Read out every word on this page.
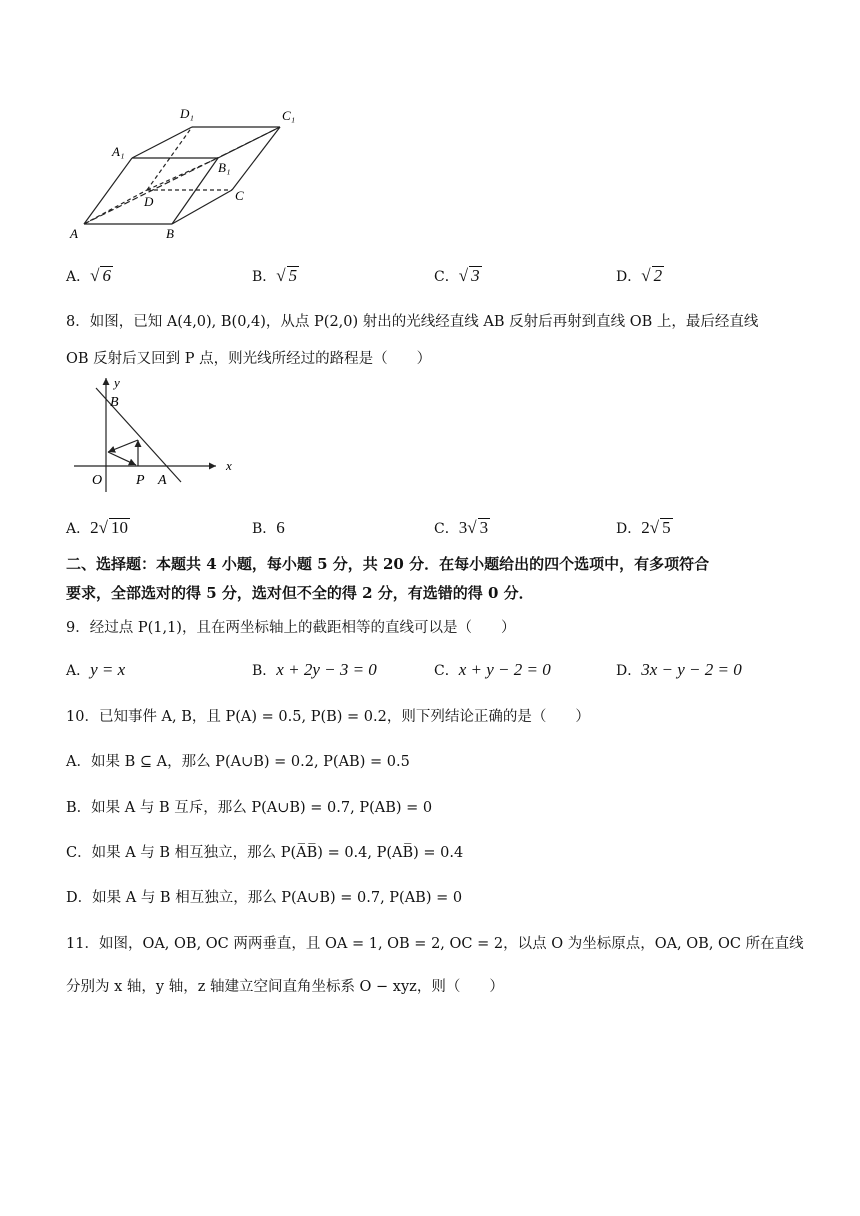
D₁	C₁
A₁
B₁
D	C
A	B
A．√ 6	B．√ 5	C．√ 3	D．√ 2
8．如图，已知 A(4,0), B(0,4)，从点 P(2,0) 射出的光线经直线 AB 反射后再射到直线 OB 上，最后经直线
OB 反射后又回到 P 点，则光线所经过的路程是（　　）
y
x
B
O P A
A．2√ 10	B．6	C．3√ 3	D．2√ 5
二、选择题：本题共 4 小题，每小题 5 分，共 20 分．在每小题给出的四个选项中，有多项符合
要求，全部选对的得 5 分，选对但不全的得 2 分，有选错的得 0 分．
9．经过点 P(1,1)，且在两坐标轴上的截距相等的直线可以是（　　）
A．y = x	B．x + 2y − 3 = 0	C．x + y − 2 = 0	D．3x − y − 2 = 0
10．已知事件 A, B，且 P(A) = 0.5, P(B) = 0.2，则下列结论正确的是（　　）
A．如果 B ⊆ A，那么 P(A∪B) = 0.2, P(AB) = 0.5
B．如果 A 与 B 互斥，那么 P(A∪B) = 0.7, P(AB) = 0
C．如果 A 与 B 相互独立，那么 P(A̅B̅) = 0.4, P(AB̅) = 0.4
D．如果 A 与 B 相互独立，那么 P(A∪B) = 0.7, P(AB) = 0
11．如图，OA, OB, OC 两两垂直，且 OA = 1, OB = 2, OC = 2，以点 O 为坐标原点，OA, OB, OC 所在直线
分别为 x 轴，y 轴，z 轴建立空间直角坐标系 O − xyz，则（　　）
